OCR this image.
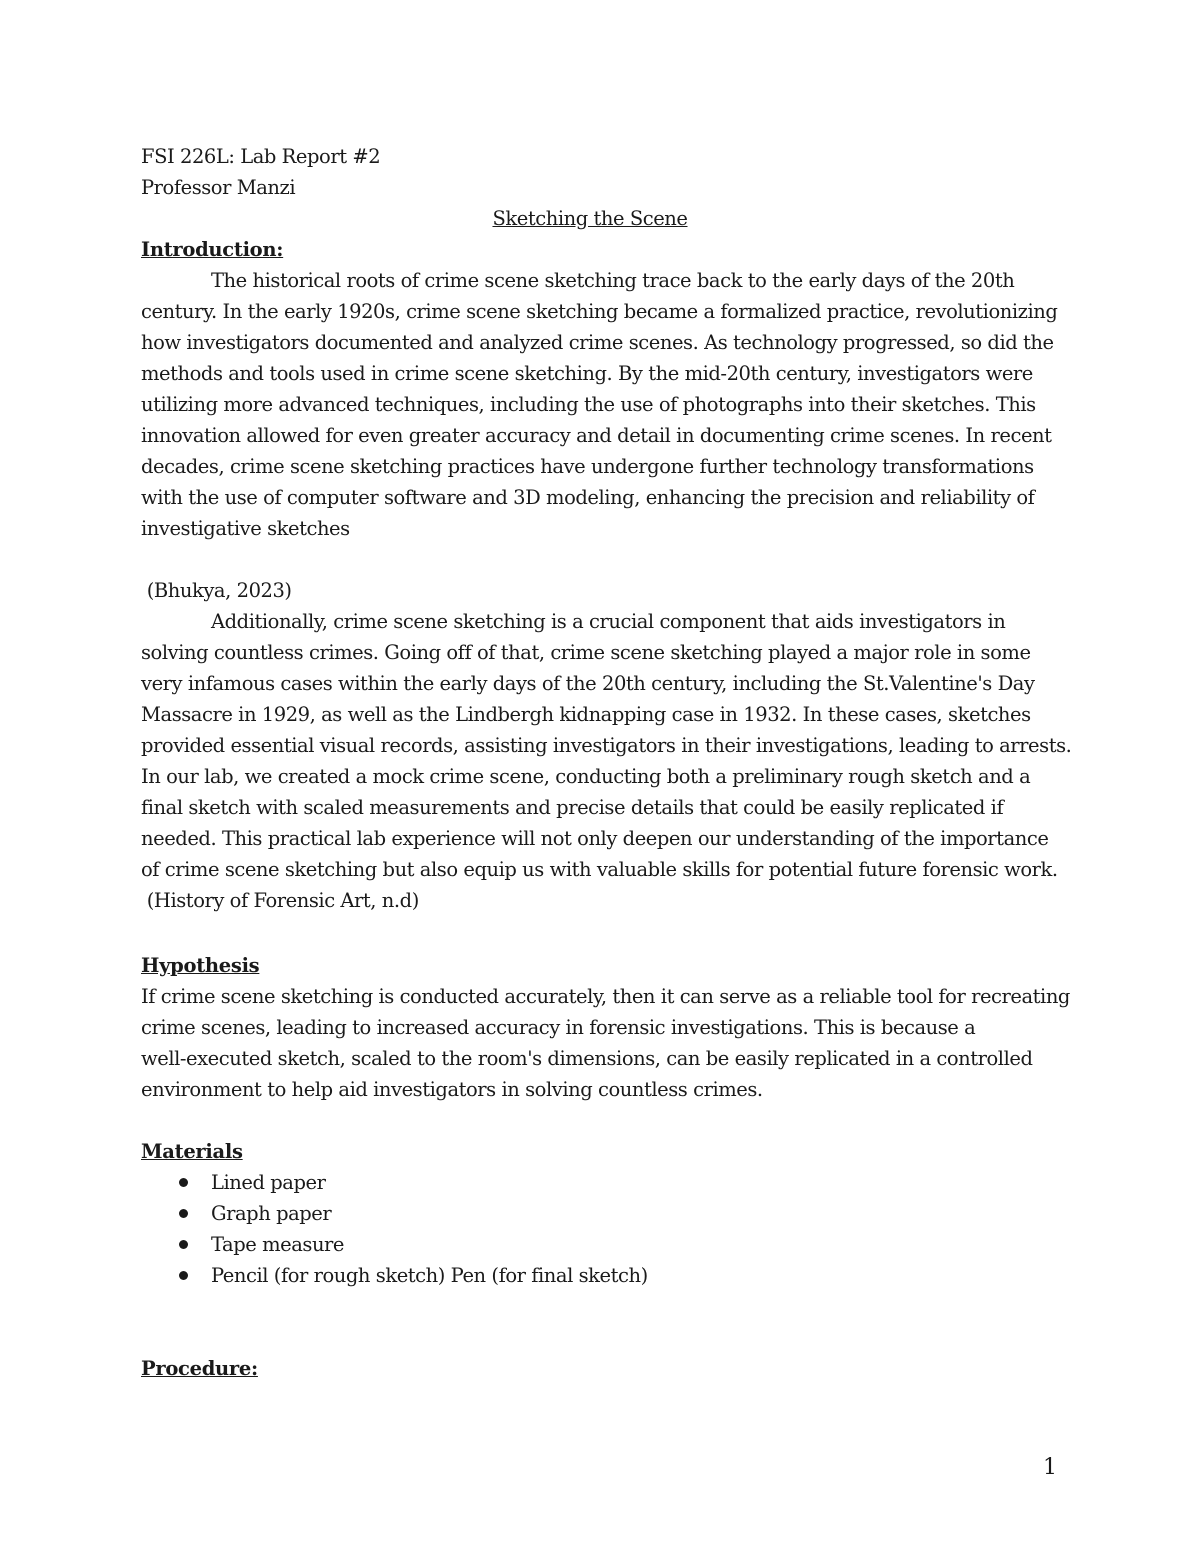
FSI 226L: Lab Report #2
Professor Manzi
Sketching the Scene
Introduction:
The historical roots of crime scene sketching trace back to the early days of the 20th
century. In the early 1920s, crime scene sketching became a formalized practice, revolutionizing
how investigators documented and analyzed crime scenes. As technology progressed, so did the
methods and tools used in crime scene sketching. By the mid-20th century, investigators were
utilizing more advanced techniques, including the use of photographs into their sketches. This
innovation allowed for even greater accuracy and detail in documenting crime scenes. In recent
decades, crime scene sketching practices have undergone further technology transformations
with the use of computer software and 3D modeling, enhancing the precision and reliability of
investigative sketches
(Bhukya, 2023)
Additionally, crime scene sketching is a crucial component that aids investigators in
solving countless crimes. Going off of that, crime scene sketching played a major role in some
very infamous cases within the early days of the 20th century, including the St.Valentine's Day
Massacre in 1929, as well as the Lindbergh kidnapping case in 1932. In these cases, sketches
provided essential visual records, assisting investigators in their investigations, leading to arrests.
In our lab, we created a mock crime scene, conducting both a preliminary rough sketch and a
final sketch with scaled measurements and precise details that could be easily replicated if
needed. This practical lab experience will not only deepen our understanding of the importance
of crime scene sketching but also equip us with valuable skills for potential future forensic work.
(History of Forensic Art, n.d)
Hypothesis
If crime scene sketching is conducted accurately, then it can serve as a reliable tool for recreating
crime scenes, leading to increased accuracy in forensic investigations. This is because a
well-executed sketch, scaled to the room's dimensions, can be easily replicated in a controlled
environment to help aid investigators in solving countless crimes.
Materials
Lined paper
Graph paper
Tape measure
Pencil (for rough sketch) Pen (for final sketch)
Procedure:
1
